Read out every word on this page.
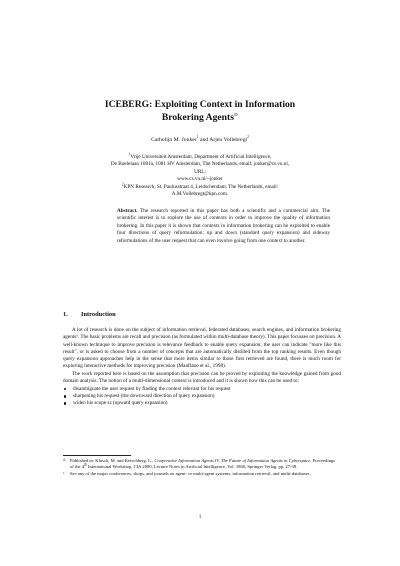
ICEBERG: Exploiting Context in Information
Brokering Agents⊙
Catholijn M. Jonker$^1$ and Arjen Vollebregt$^2$
$^1$Vrije Universiteit Amsterdam, Department of Artificial Intelligence,
De Boelelaan 1081a, 1081 HV Amsterdam, The Netherlands, email: jonker@cs.vu.nl, URL:
www.cs.vu.nl/~jonker
$^2$KPN Research, St. Paulusstraat 4, Leidschendam, The Netherlands, email:
A.M.Vollebregt@kpn.com.
Abstract. The research reported in this paper has both a scientific and a commercial aim. The scientific interest is to explore the use of contexts in order to improve the quality of information brokering. In this paper it is shown that contexts in information brokering can be exploited to enable four directions of query reformulation: up and down (standard query expansion) and sideway reformulations of the user request that can even involve going from one context to another.
1. Introduction

A lot of research is done on the subject of information retrieval, federated databases, search engines, and information brokering agents¹. The basic problems are recall and precision (as formulated within multi-database theory). This paper focusses on precision. A well-known technique to improve precision is relevance feedback to enable query expansion; the user can indicate "more like this result", or is asked to choose from a number of concepts that are automatically distilled from the top ranking results. Even though query expansion approaches help in the sense that more items similar to those first retrieved are found, there is much room for exploring interactive methods for improving precision (Manflano et al., 1998).

The work reported here is based on the assumption that precision can be proved by exploiting the knowledge gained from good domain analysis. The notion of a multi-dimensional context is introduced and it is shown how this can be used to:

disambiguate the user request by finding the context relevant for his request
sharpening his request (the downward direction of query expansion)
widen his scope sz (upward query expansion)
⊙ Published in: Klusch, M. and Kerschberg, L., Cooperative Information Agents IV, The Future of Information Agents in Cyberspace, Proceedings of the 4th International Workshop, CIA 2000, Lecture Notes in Artificial Intelligence, Vol. 1860, Springer Verlag, pp. 27-38.
1 See any of the major conferences, shops, and journals on agent- or multi-agent systems, information retrieval, and multi-databases.
1
